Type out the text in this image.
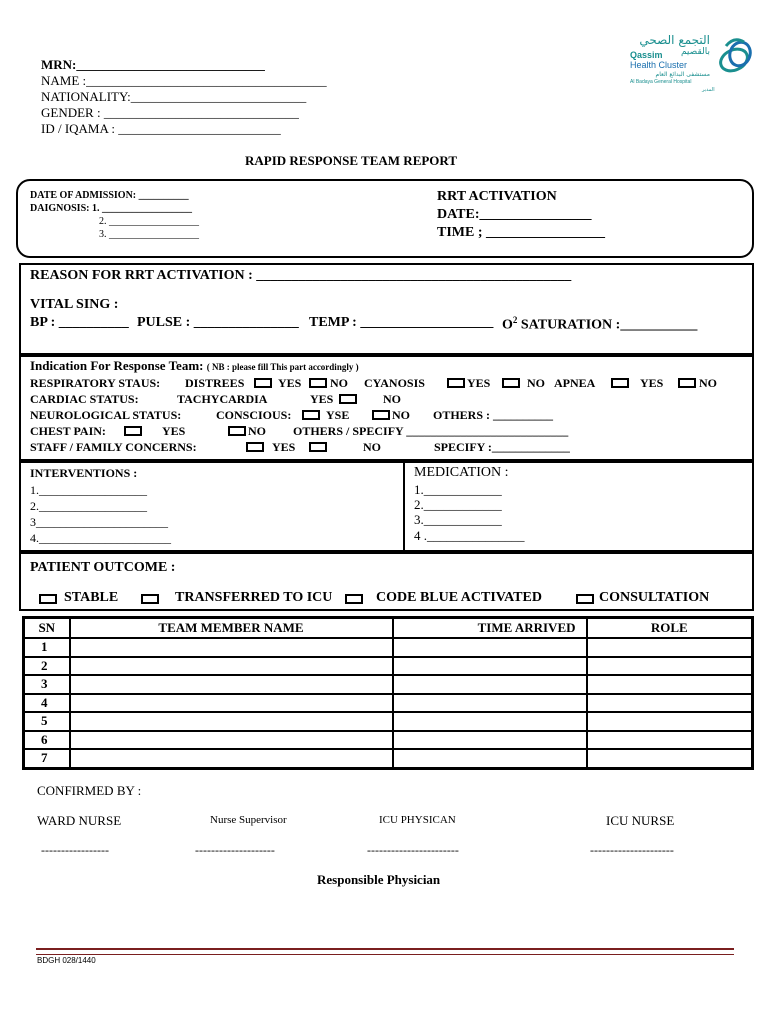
MRN:_____________________________
NAME :_____________________________________
NATIONALITY:___________________________
GENDER : ______________________________
ID / IQAMA : _________________________
التجمع الصحي
بالقصيم
Qassim
Health Cluster
مستشفى البدائع العام
Al Badaya General Hospital
المدير
RAPID RESPONSE TEAM REPORT
DATE OF ADMISSION: __________
DAIGNOSIS: 1. __________________
2. __________________
3. __________________
RRT ACTIVATION
DATE:________________
TIME ; _________________
REASON FOR RRT ACTIVATION : _____________________________________________
VITAL SING :
BP : __________ PULSE : _______________ TEMP : ___________________ $O^2$ SATURATION :___________
Indication For Response Team: ( NB : please fill This part accordingly )
RESPIRATORY STAUS: DISTREES	YES NO CYANOSIS	YES	NO APNEA	YES	NO
CARDIAC STATUS:	TACHYCARDIA	YES	NO
NEUROLOGICAL STATUS:	CONSCIOUS:	YSE	NO OTHERS : __________
CHEST PAIN:	YES	NO OTHERS / SPECIFY ___________________________
STAFF / FAMILY CONCERNS:	YES	NO	SPECIFY :_____________
INTERVENTIONS :
1.__________________
2.__________________
3______________________
4.______________________
MEDICATION :
1.____________
2.____________
3.____________
4 ._______________
PATIENT OUTCOME :
STABLE	TRANSFERRED TO ICU	CODE BLUE ACTIVATED	CONSULTATION
SN	TEAM MEMBER NAME	TIME ARRIVED	ROLE
1			
2			
3			
4			
5			
6			
7			
CONFIRMED BY :
WARD NURSE	Nurse Supervisor	ICU PHYSICAN	ICU NURSE
-----------------	--------------------	-----------------------	---------------------
Responsible Physician
BDGH 028/1440
